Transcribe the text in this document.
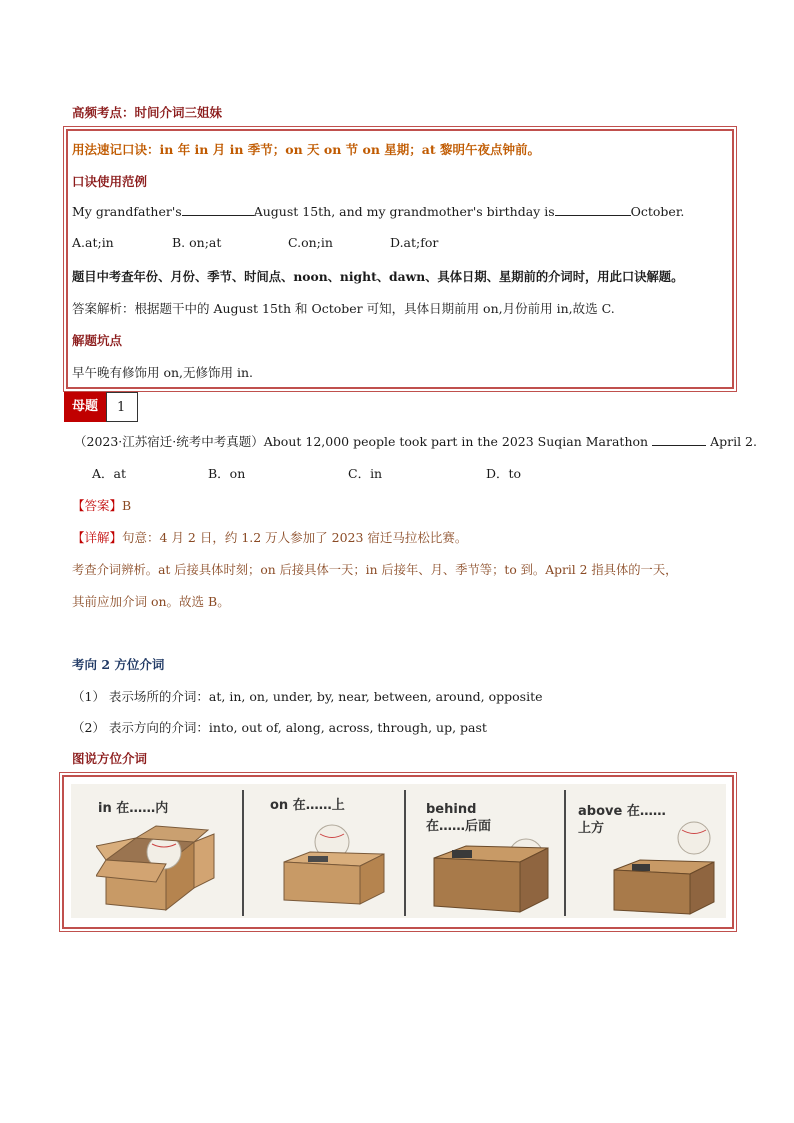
高频考点：时间介词三姐妹
用法速记口诀：in 年 in 月 in 季节；on 天 on 节 on 星期；at 黎明午夜点钟前。
口诀使用范例
My grandfather's	August 15th, and my grandmother's birthday is	October.
A.at;in	B. on;at	C.on;in	D.at;for
题目中考查年份、月份、季节、时间点、noon、night、dawn、具体日期、星期前的介词时，用此口诀解题。
答案解析：根据题干中的 August 15th 和 October 可知，具体日期前用 on,月份前用 in,故选 C.
解题坑点
早午晚有修饰用 on,无修饰用 in.
母题	1
（2023·江苏宿迁·统考中考真题）About 12,000 people took part in the 2023 Suqian Marathon	April 2.
A．at	B．on	C．in	D．to
【答案】B
【详解】句意：4 月 2 日，约 1.2 万人参加了 2023 宿迁马拉松比赛。
考查介词辨析。at 后接具体时刻；on 后接具体一天；in 后接年、月、季节等；to 到。April 2 指具体的一天，
其前应加介词 on。故选 B。
考向 2 方位介词
（1） 表示场所的介词：at, in, on, under, by, near, between, around, opposite
（2） 表示方向的介词：into, out of, along, across, through, up, past
图说方位介词
in 在……内	on 在……上	behind
在……后面
above 在……
上方
